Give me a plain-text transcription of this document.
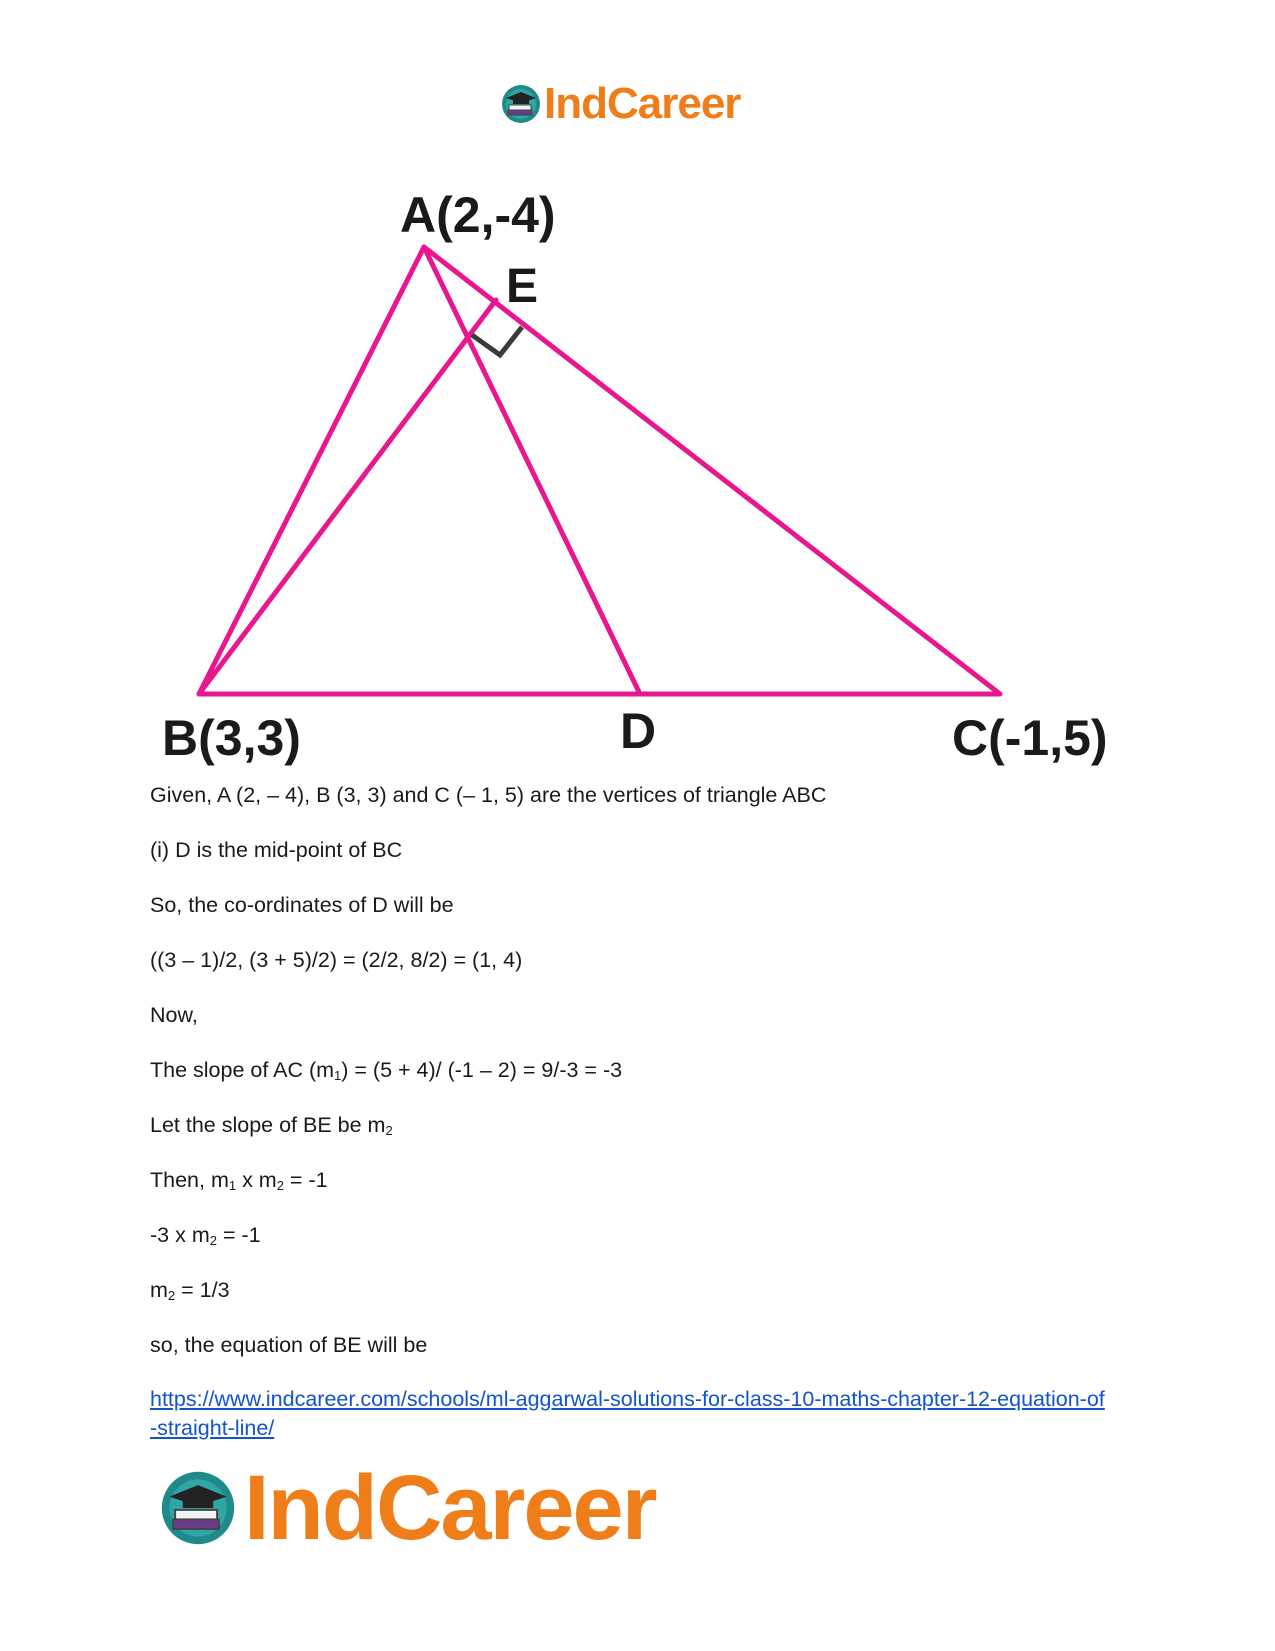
IndCareer
A(2,-4)
E
B(3,3)	D	C(-1,5)
Given, A (2, – 4), B (3, 3) and C (– 1, 5) are the vertices of triangle ABC
(i) D is the mid-point of BC
So, the co-ordinates of D will be
((3 – 1)/2, (3 + 5)/2) = (2/2, 8/2) = (1, 4)
Now,
The slope of AC $(m_1) = (5 + 4)/$ (-1 – 2) = 9/-3 = -3
Let the slope of BE be $m_2$
Then, $m_1$ x $m_2 = -1$
-3 x $m_2 = -1$
$m_2 = 1/3$
so, the equation of BE will be
https://www.indcareer.com/schools/ml-aggarwal-solutions-for-class-10-maths-chapter-12-equation-of-straight-line/
IndCareer
